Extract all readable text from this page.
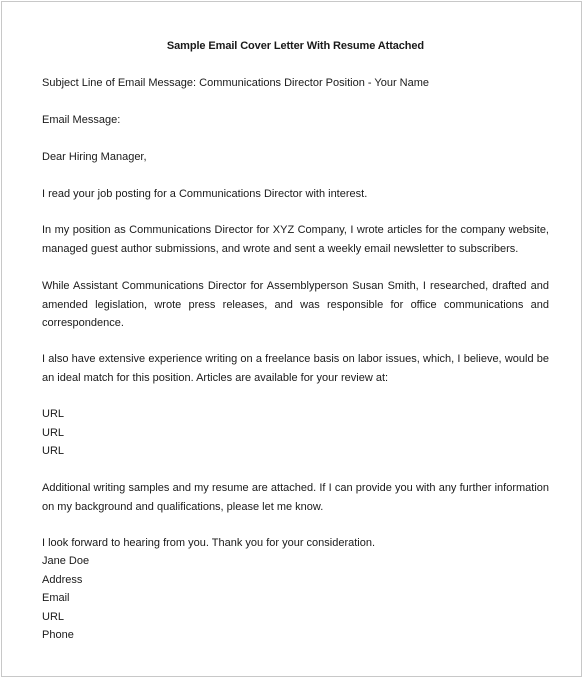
Sample Email Cover Letter With Resume Attached
Subject Line of Email Message: Communications Director Position - Your Name
Email Message:
Dear Hiring Manager,
I read your job posting for a Communications Director with interest.
In my position as Communications Director for XYZ Company, I wrote articles for the company website, managed guest author submissions, and wrote and sent a weekly email newsletter to subscribers.
While Assistant Communications Director for Assemblyperson Susan Smith, I researched, drafted and amended legislation, wrote press releases, and was responsible for office communications and correspondence.
I also have extensive experience writing on a freelance basis on labor issues, which, I believe, would be an ideal match for this position. Articles are available for your review at:
URL
URL
URL
Additional writing samples and my resume are attached. If I can provide you with any further information on my background and qualifications, please let me know.
I look forward to hearing from you. Thank you for your consideration.
Jane Doe
Address
Email
URL
Phone
